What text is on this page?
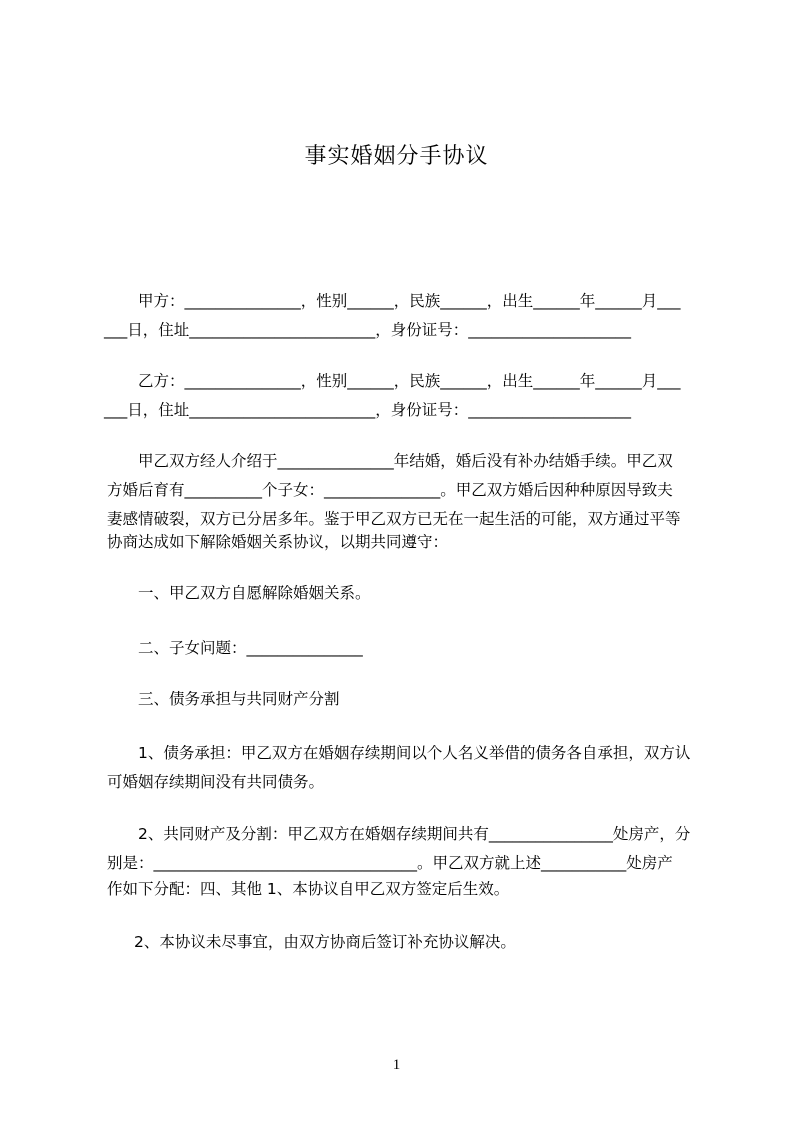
事实婚姻分手协议
甲方：_______________，性别______，民族______，出生______年______月___
___日，住址________________________，身份证号：_____________________
乙方：_______________，性别______，民族______，出生______年______月___
___日，住址________________________，身份证号：_____________________
甲乙双方经人介绍于_______________年结婚，婚后没有补办结婚手续。甲乙双
方婚后育有__________个子女：_______________。甲乙双方婚后因种种原因导致夫
妻感情破裂，双方已分居多年。鉴于甲乙双方已无在一起生活的可能，双方通过平等
协商达成如下解除婚姻关系协议，以期共同遵守：
一、甲乙双方自愿解除婚姻关系。
二、子女问题：_______________
三、债务承担与共同财产分割
1、债务承担：甲乙双方在婚姻存续期间以个人名义举借的债务各自承担，双方认
可婚姻存续期间没有共同债务。
2、共同财产及分割：甲乙双方在婚姻存续期间共有________________处房产，分
别是：__________________________________。甲乙双方就上述___________处房产
作如下分配：四、其他 1、本协议自甲乙双方签定后生效。
2、本协议未尽事宜，由双方协商后签订补充协议解决。
1
